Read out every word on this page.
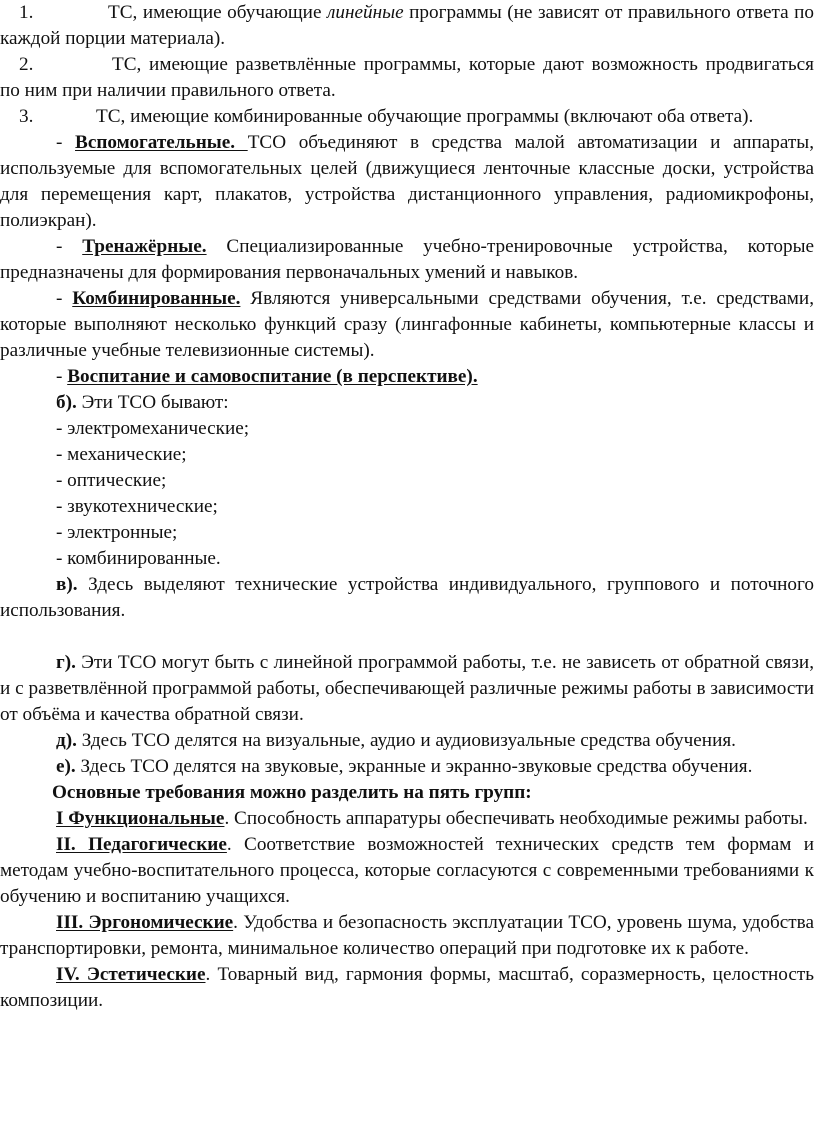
1.	ТС, имеющие обучающие линейные программы (не зависят от правильного ответа по каждой порции материала).

2.	ТС, имеющие разветвлённые программы, которые дают возможность продвигаться по ним при наличии правильного ответа.

3.	ТС, имеющие комбинированные обучающие программы (включают оба ответа).

- Вспомогательные. ТСО объединяют в средства малой автоматизации и аппараты, используемые для вспомогательных целей (движущиеся ленточные классные доски, устройства для перемещения карт, плакатов, устройства дистанционного управления, радиомикрофоны, полиэкран).

- Тренажёрные. Специализированные учебно-тренировочные устройства, которые предназначены для формирования первоначальных умений и навыков.

- Комбинированные. Являются универсальными средствами обучения, т.е. средствами, которые выполняют несколько функций сразу (лингафонные кабинеты, компьютерные классы и различные учебные телевизионные системы).

- Воспитание и самовоспитание (в перспективе).

б). Эти ТСО бывают:

- электромеханические;

- механические;

- оптические;

- звукотехнические;

- электронные;

- комбинированные.

в). Здесь выделяют технические устройства индивидуального, группового и поточного использования.

г). Эти ТСО могут быть с линейной программой работы, т.е. не зависеть от обратной связи, и с разветвлённой программой работы, обеспечивающей различные режимы работы в зависимости от объёма и качества обратной связи.

д). Здесь ТСО делятся на визуальные, аудио и аудиовизуальные средства обучения.

е). Здесь ТСО делятся на звуковые, экранные и экранно-звуковые средства обучения.

Основные требования можно разделить на пять групп:

I Функциональные. Способность аппаратуры обеспечивать необходимые режимы работы.

II. Педагогические. Соответствие возможностей технических средств тем формам и методам учебно-воспитательного процесса, которые согласуются с современными требованиями к обучению и воспитанию учащихся.

III. Эргономические. Удобства и безопасность эксплуатации ТСО, уровень шума, удобства транспортировки, ремонта, минимальное количество операций при подготовке их к работе.

IV. Эстетические. Товарный вид, гармония формы, масштаб, соразмерность, целостность композиции.
